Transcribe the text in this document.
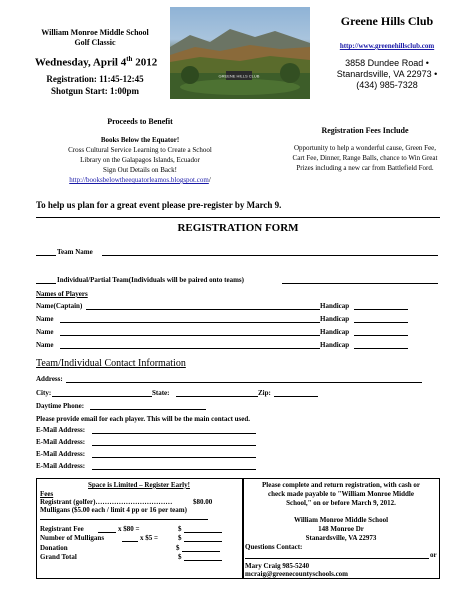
William Monroe Middle School
Golf Classic
Wednesday, April 4th 2012
Registration: 11:45-12:45
Shotgun Start: 1:00pm
GREENE HILLS CLUB
Greene Hills Club
http://www.greenehillsclub.com
3858 Dundee Road •
Stanardsville, VA 22973 •
(434) 985-7328
Proceeds to Benefit
Books Below the Equator!
Cross Cultural Service Learning to Create a School
Library on the Galapagos Islands, Ecuador
Sign Out Details on Back!
http://booksbelowtheequatorleamos.blogspot.com/
Registration Fees Include
Opportunity to help a wonderful cause, Green Fee,
Cart Fee, Dinner, Range Balls, chance to Win Great
Prizes including a new car from Battlefield Ford.
To help us plan for a great event please pre-register by March 9.
REGISTRATION FORM
Team Name
Individual/Partial Team(Individuals will be paired onto teams)
Names of Players
Name(Captain)	Handicap
Name	Handicap
Name	Handicap
Name	Handicap
Team/Individual Contact Information
Address:
City:	State:	Zip:
Daytime Phone:
Please provide email for each player. This will be the main contact used.
E-Mail Address:
E-Mail Address:
E-Mail Address:
E-Mail Address:
Space is Limited – Register Early!
Fees
Registrant (golfer)……………………………	$80.00
Mulligans ($5.00 each / limit 4 pp or 16 per team)
Registrant Fee	x $80 =	$
Number of Mulligans	x $5 =	$
Donation	$
Grand Total	$
Please complete and return registration, with cash or
check made payable to "William Monroe Middle
School," on or before March 9, 2012.
William Monroe Middle School
148 Monroe Dr
Stanardsville, VA 22973
Questions Contact:
or
Mary Craig 985-5240
mcraig@greenecountyschools.com
